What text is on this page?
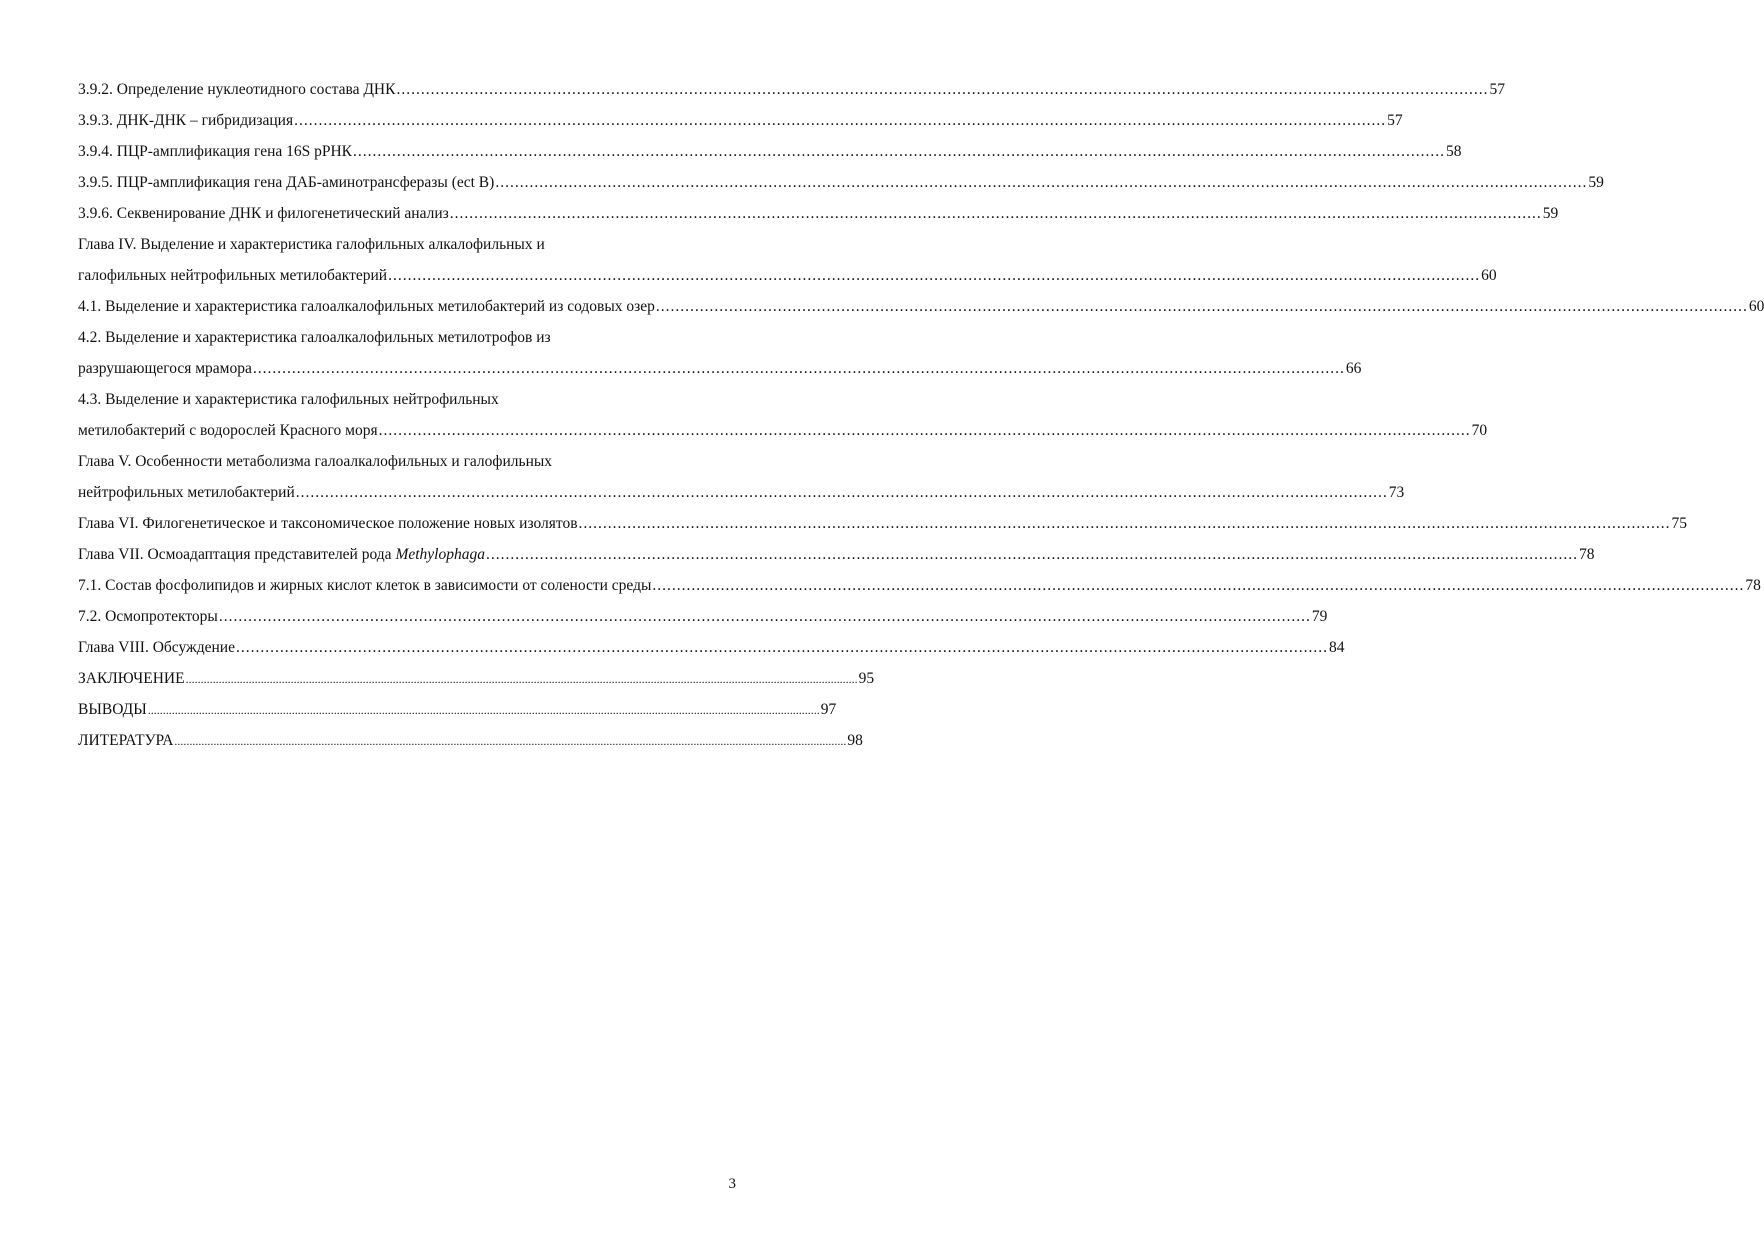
3.9.2. Определение нуклеотидного состава ДНК .....	57
3.9.3. ДНК-ДНК – гибридизация .....	57
3.9.4. ПЦР-амплификация гена 16S рРНК .....	58
3.9.5. ПЦР-амплификация гена ДАБ-аминотрансферазы (ect B) .....	59
3.9.6. Секвенирование ДНК и филогенетический анализ .....	59
Глава IV. Выделение и характеристика галофильных алкалофильных и
галофильных нейтрофильных метилобактерий .....	60
4.1. Выделение и характеристика галоалкалофильных метилобактерий из содовых озер .....	60
4.2. Выделение и характеристика галоалкалофильных метилотрофов из
разрушающегося мрамора .....	66
4.3. Выделение и характеристика галофильных нейтрофильных
метилобактерий с водорослей Красного моря .....	70
Глава V. Особенности метаболизма галоалкалофильных и галофильных
нейтрофильных метилобактерий .....	73
Глава VI. Филогенетическое и таксономическое положение новых изолятов .....	75
Глава VII. Осмоадаптация представителей рода Methylophaga .....	78
7.1. Состав фосфолипидов и жирных кислот клеток в зависимости от солености среды .....	78
7.2. Осмопротекторы .....	79
Глава VIII. Обсуждение .....	84
ЗАКЛЮЧЕНИЕ .....	95
ВЫВОДЫ .....	97
ЛИТЕРАТУРА .....	98
3
